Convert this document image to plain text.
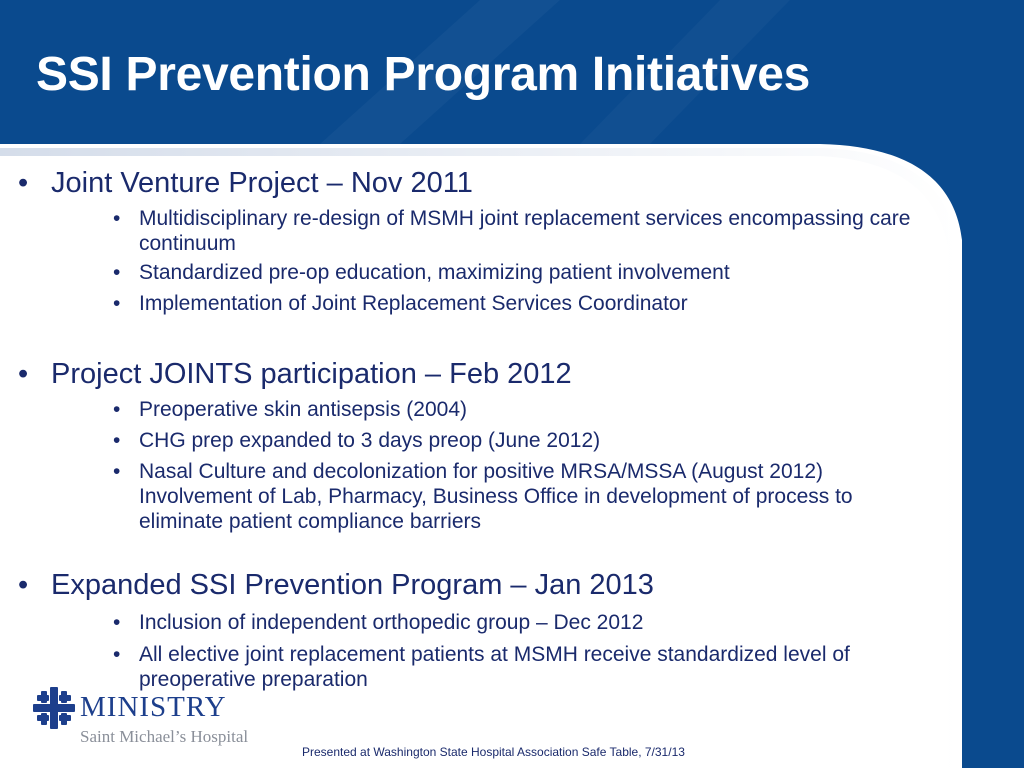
SSI Prevention Program Initiatives
• Joint Venture Project – Nov 2011
• Multidisciplinary re-design of MSMH joint replacement services encompassing care continuum
• Standardized pre-op education, maximizing patient involvement
• Implementation of Joint Replacement Services Coordinator
• Project JOINTS participation – Feb 2012
• Preoperative skin antisepsis (2004)
• CHG prep expanded to 3 days preop (June 2012)
• Nasal Culture and decolonization for positive MRSA/MSSA (August 2012) Involvement of Lab, Pharmacy, Business Office in development of process to eliminate patient compliance barriers
• Expanded SSI Prevention Program – Jan 2013
• Inclusion of independent orthopedic group – Dec 2012
• All elective joint replacement patients at MSMH receive standardized level of preoperative preparation
MINISTRY
Saint Michael’s Hospital
Presented at Washington State Hospital Association Safe Table, 7/31/13
